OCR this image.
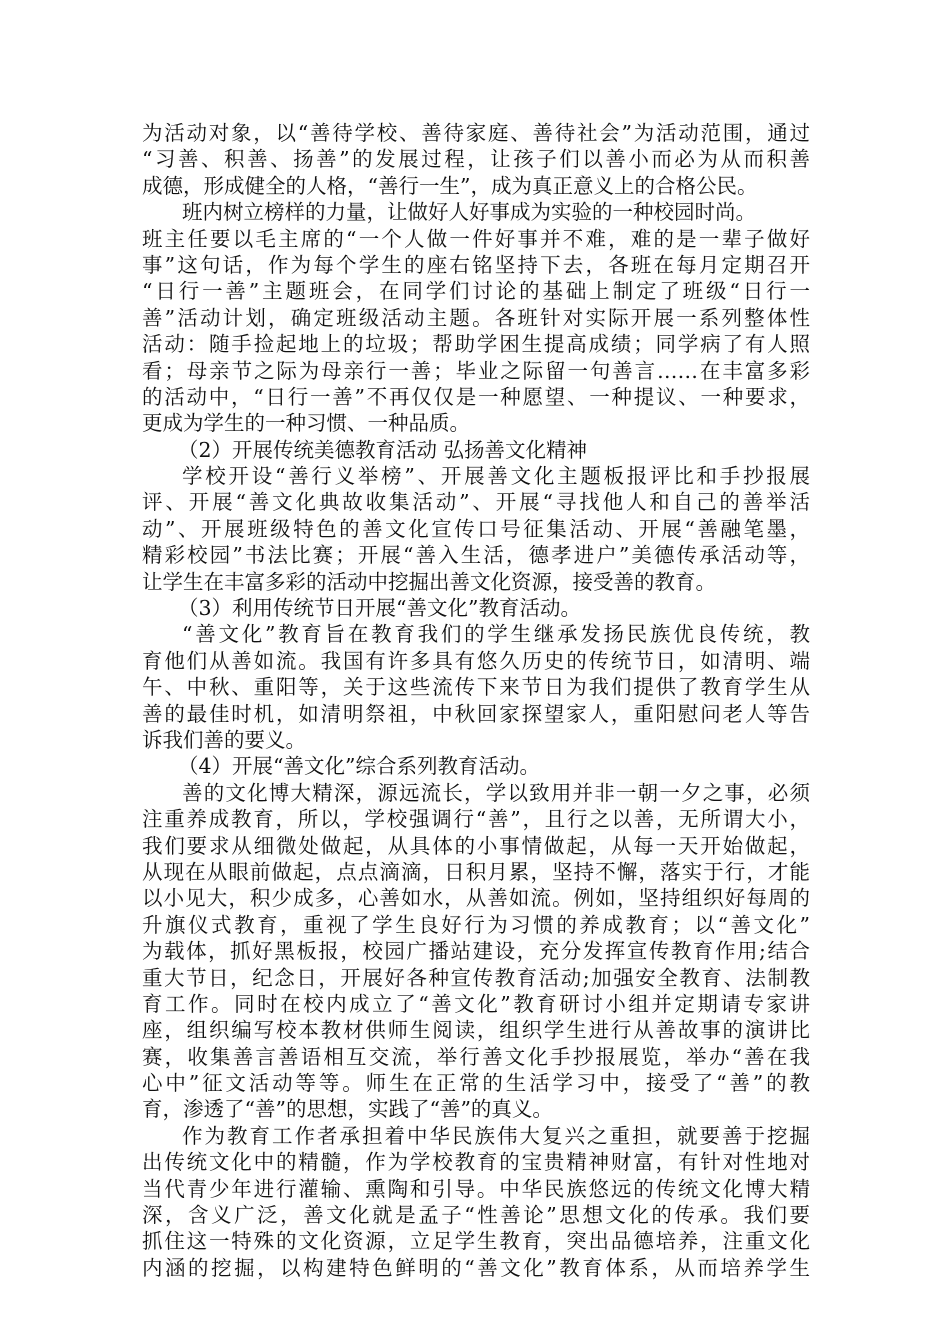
为活动对象，以“善待学校、善待家庭、善待社会”为活动范围，通过
“习善、积善、扬善”的发展过程，让孩子们以善小而必为从而积善
成德，形成健全的人格，“善行一生”，成为真正意义上的合格公民。
班内树立榜样的力量，让做好人好事成为实验的一种校园时尚。
班主任要以毛主席的“一个人做一件好事并不难，难的是一辈子做好
事”这句话，作为每个学生的座右铭坚持下去，各班在每月定期召开
“日行一善”主题班会，在同学们讨论的基础上制定了班级“日行一
善”活动计划，确定班级活动主题。各班针对实际开展一系列整体性
活动：随手捡起地上的垃圾；帮助学困生提高成绩；同学病了有人照
看；母亲节之际为母亲行一善；毕业之际留一句善言……在丰富多彩
的活动中，“日行一善”不再仅仅是一种愿望、一种提议、一种要求，
更成为学生的一种习惯、一种品质。
（2）开展传统美德教育活动 弘扬善文化精神
学校开设“善行义举榜”、开展善文化主题板报评比和手抄报展
评、开展“善文化典故收集活动”、开展“寻找他人和自己的善举活
动”、开展班级特色的善文化宣传口号征集活动、开展“善融笔墨，
精彩校园”书法比赛；开展“善入生活，德孝进户”美德传承活动等，
让学生在丰富多彩的活动中挖掘出善文化资源，接受善的教育。
（3）利用传统节日开展“善文化”教育活动。
“善文化”教育旨在教育我们的学生继承发扬民族优良传统，教
育他们从善如流。我国有许多具有悠久历史的传统节日，如清明、端
午、中秋、重阳等，关于这些流传下来节日为我们提供了教育学生从
善的最佳时机，如清明祭祖，中秋回家探望家人，重阳慰问老人等告
诉我们善的要义。
（4）开展“善文化”综合系列教育活动。
善的文化博大精深，源远流长，学以致用并非一朝一夕之事，必须
注重养成教育，所以，学校强调行“善”，且行之以善，无所谓大小，
我们要求从细微处做起，从具体的小事情做起，从每一天开始做起，
从现在从眼前做起，点点滴滴，日积月累，坚持不懈，落实于行，才能
以小见大，积少成多，心善如水，从善如流。例如，坚持组织好每周的
升旗仪式教育，重视了学生良好行为习惯的养成教育；以“善文化”
为载体，抓好黑板报，校园广播站建设，充分发挥宣传教育作用;结合
重大节日，纪念日，开展好各种宣传教育活动;加强安全教育、法制教
育工作。同时在校内成立了“善文化”教育研讨小组并定期请专家讲
座，组织编写校本教材供师生阅读，组织学生进行从善故事的演讲比
赛，收集善言善语相互交流，举行善文化手抄报展览，举办“善在我
心中”征文活动等等。师生在正常的生活学习中，接受了“善”的教
育，渗透了“善”的思想，实践了“善”的真义。
作为教育工作者承担着中华民族伟大复兴之重担，就要善于挖掘
出传统文化中的精髓，作为学校教育的宝贵精神财富，有针对性地对
当代青少年进行灌输、熏陶和引导。中华民族悠远的传统文化博大精
深，含义广泛，善文化就是孟子“性善论”思想文化的传承。我们要
抓住这一特殊的文化资源，立足学生教育，突出品德培养，注重文化
内涵的挖掘，以构建特色鲜明的“善文化”教育体系，从而培养学生
